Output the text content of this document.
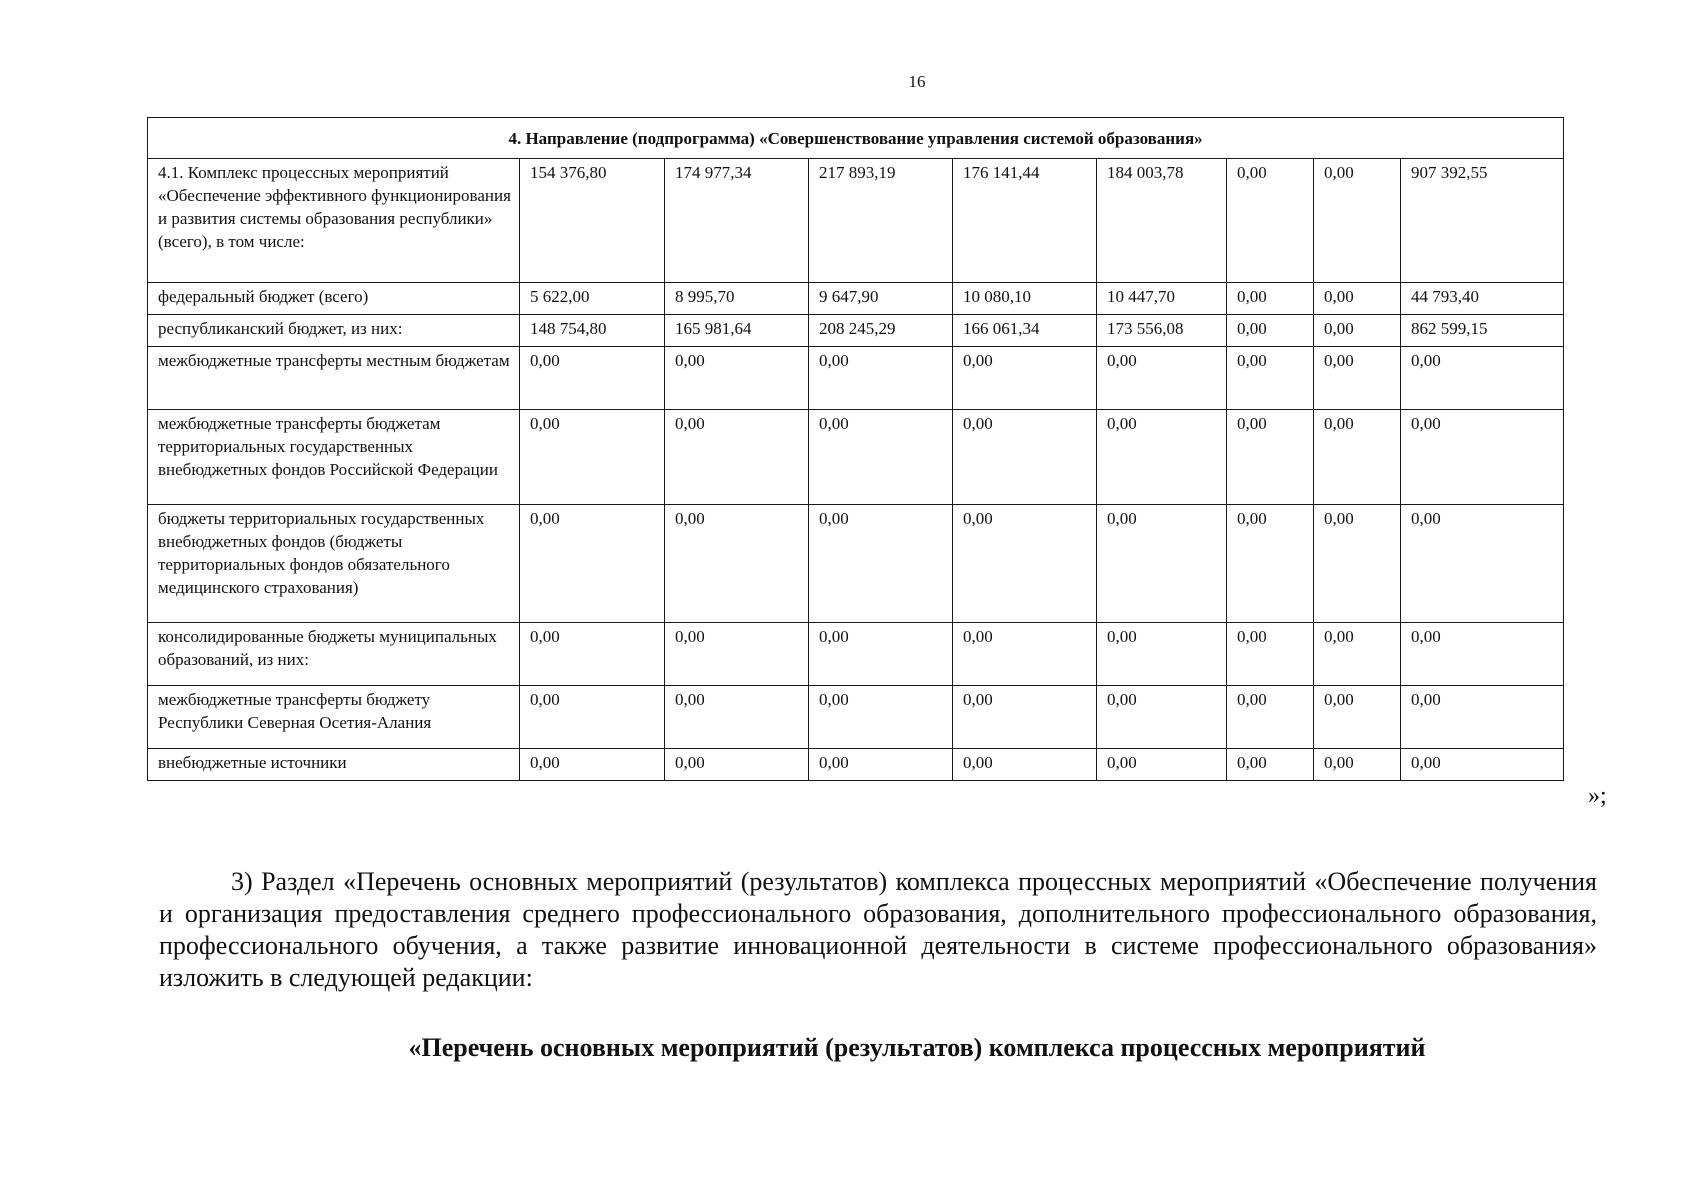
16
4. Направление (подпрограмма) «Совершенствование управления системой образования»								
4.1. Комплекс процессных мероприятий «Обеспечение эффективного функционирования и развития системы образования республики» (всего), в том числе:	154 376,80	174 977,34	217 893,19	176 141,44	184 003,78	0,00	0,00	907 392,55
федеральный бюджет (всего)	5 622,00	8 995,70	9 647,90	10 080,10	10 447,70	0,00	0,00	44 793,40
республиканский бюджет, из них:	148 754,80	165 981,64	208 245,29	166 061,34	173 556,08	0,00	0,00	862 599,15
межбюджетные трансферты местным бюджетам	0,00	0,00	0,00	0,00	0,00	0,00	0,00	0,00
межбюджетные трансферты бюджетам территориальных государственных внебюджетных фондов Российской Федерации	0,00	0,00	0,00	0,00	0,00	0,00	0,00	0,00
бюджеты территориальных государственных внебюджетных фондов (бюджеты территориальных фондов обязательного медицинского страхования)	0,00	0,00	0,00	0,00	0,00	0,00	0,00	0,00
консолидированные бюджеты муниципальных образований, из них:	0,00	0,00	0,00	0,00	0,00	0,00	0,00	0,00
межбюджетные трансферты бюджету Республики Северная Осетия-Алания	0,00	0,00	0,00	0,00	0,00	0,00	0,00	0,00
внебюджетные источники	0,00	0,00	0,00	0,00	0,00	0,00	0,00	0,00
»;

3) Раздел «Перечень основных мероприятий (результатов) комплекса процессных мероприятий «Обеспечение получения и организация предоставления среднего профессионального образования, дополнительного профессионального образования, профессионального обучения, а также развитие инновационной деятельности в системе профессионального образования» изложить в следующей редакции:

«Перечень основных мероприятий (результатов) комплекса процессных мероприятий
